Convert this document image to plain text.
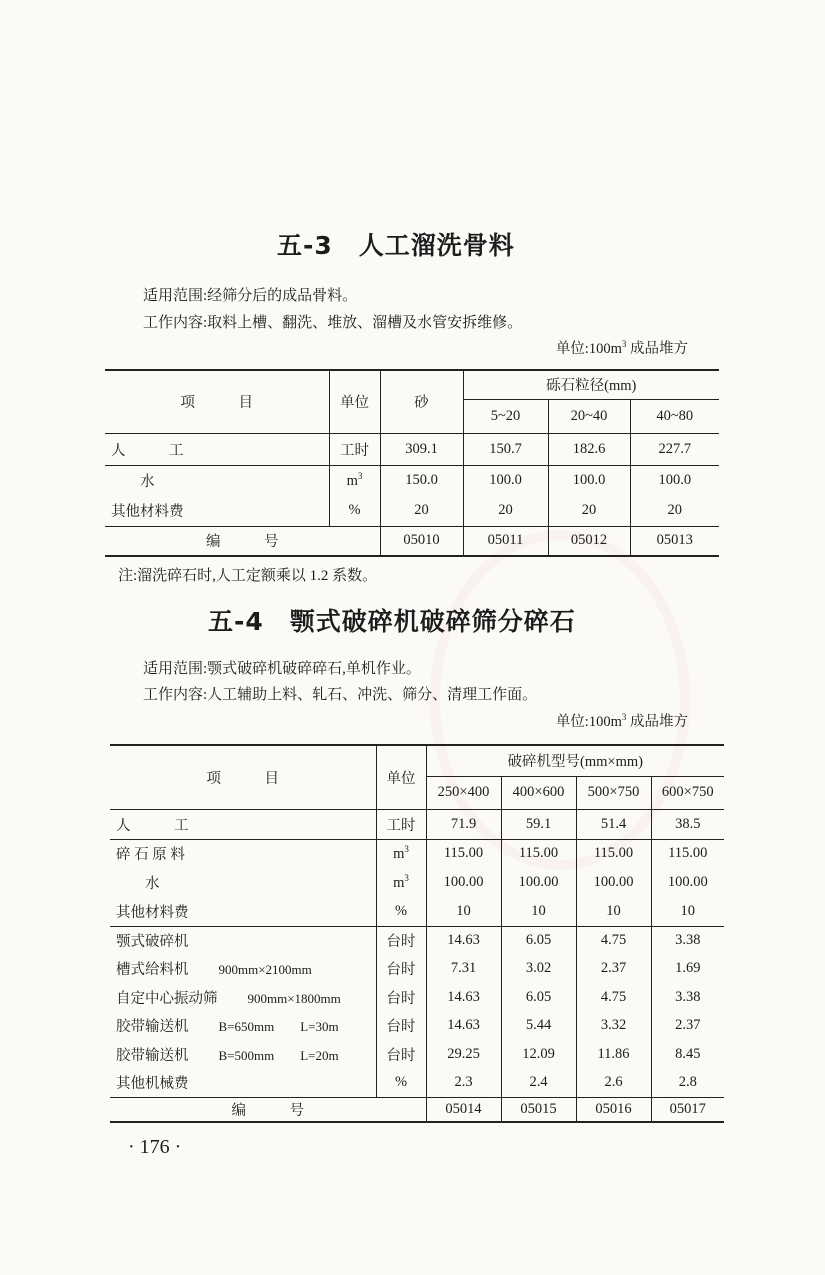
五-3　人工溜洗骨料
适用范围:经筛分后的成品骨料。
工作内容:取料上槽、翻洗、堆放、溜槽及水管安拆维修。
单位$:100m^3$ 成品堆方
项　　　目	单位	砂	砾石粒径(mm)		
			5~20	20~40	40~80
人　　　工	工时	309.1	150.7	182.6	227.7
　　水	$m^3$	150.0	100.0	100.0	100.0
其他材料费	%	20	20	20	20
编　　　号		05010	05011	05012	05013
注:溜洗碎石时,人工定额乘以 1.2 系数。
五-4　颚式破碎机破碎筛分碎石
适用范围:颚式破碎机破碎碎石,单机作业。
工作内容:人工辅助上料、轧石、冲洗、筛分、清理工作面。
单位$:100m^3$ 成品堆方
项　　　目	单位	破碎机型号(mm×mm)			
		250×400	400×600	500×750	600×750
人　　　工	工时	71.9	59.1	51.4	38.5
碎 石 原 料	$m^3$	115.00	115.00	115.00	115.00
　　水	$m^3$	100.00	100.00	100.00	100.00
其他材料费	%	10	10	10	10
颚式破碎机	台时	14.63	6.05	4.75	3.38
槽式给料机 900mm×2100mm	台时	7.31	3.02	2.37	1.69
自定中心振动筛 900mm×1800mm	台时	14.63	6.05	4.75	3.38
胶带输送机 B=650mm　　L=30m	台时	14.63	5.44	3.32	2.37
胶带输送机 B=500mm　　L=20m	台时	29.25	12.09	11.86	8.45
其他机械费	%	2.3	2.4	2.6	2.8
编　　　号		05014	05015	05016	05017
· 176 ·
